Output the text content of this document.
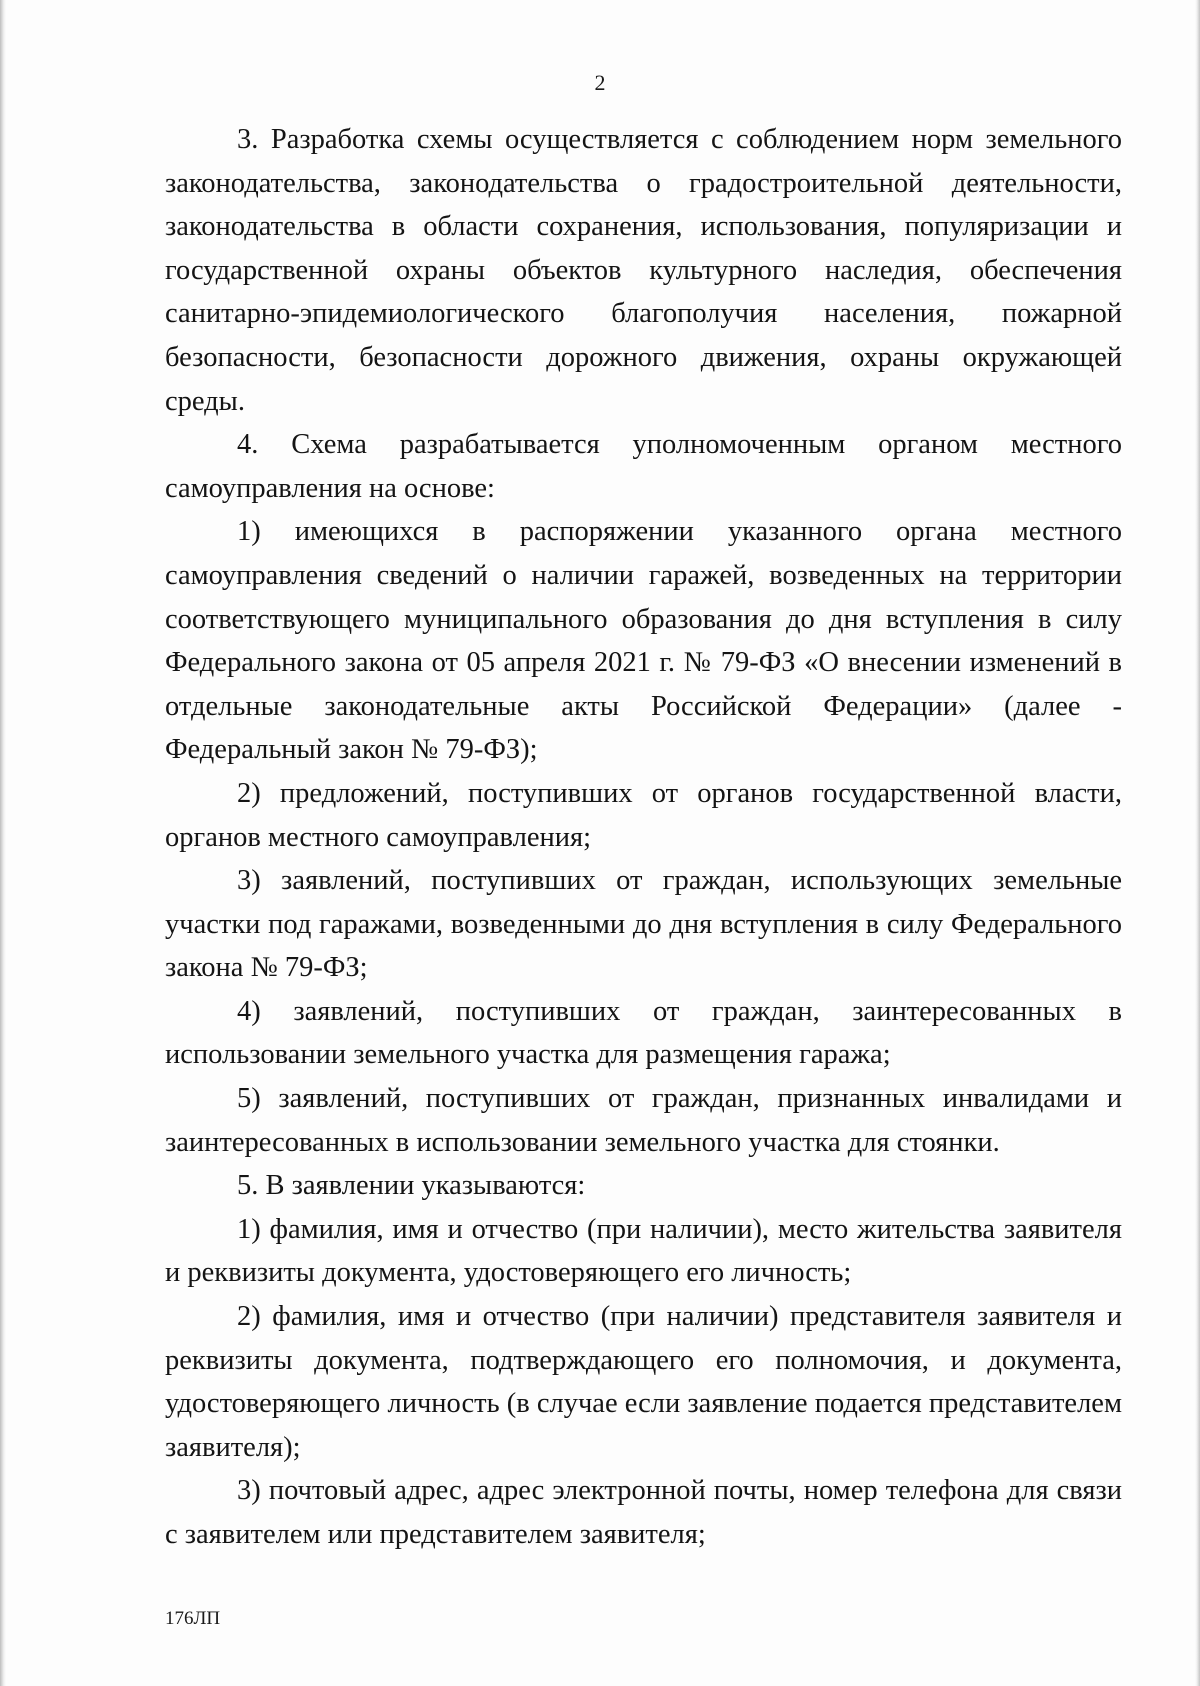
2

3. Разработка схемы осуществляется с соблюдением норм земельного законодательства, законодательства о градостроительной деятельности, законодательства в области сохранения, использования, популяризации и государственной охраны объектов культурного наследия, обеспечения санитарно-эпидемиологического благополучия населения, пожарной безопасности, безопасности дорожного движения, охраны окружающей среды.

4. Схема разрабатывается уполномоченным органом местного самоуправления на основе:

1) имеющихся в распоряжении указанного органа местного самоуправления сведений о наличии гаражей, возведенных на территории соответствующего муниципального образования до дня вступления в силу Федерального закона от 05 апреля 2021 г. № 79-ФЗ «О внесении изменений в отдельные законодательные акты Российской Федерации» (далее - Федеральный закон № 79-ФЗ);

2) предложений, поступивших от органов государственной власти, органов местного самоуправления;

3) заявлений, поступивших от граждан, использующих земельные участки под гаражами, возведенными до дня вступления в силу Федерального закона № 79-ФЗ;

4) заявлений, поступивших от граждан, заинтересованных в использовании земельного участка для размещения гаража;

5) заявлений, поступивших от граждан, признанных инвалидами и заинтересованных в использовании земельного участка для стоянки.

5. В заявлении указываются:

1) фамилия, имя и отчество (при наличии), место жительства заявителя и реквизиты документа, удостоверяющего его личность;

2) фамилия, имя и отчество (при наличии) представителя заявителя и реквизиты документа, подтверждающего его полномочия, и документа, удостоверяющего личность (в случае если заявление подается представителем заявителя);

3) почтовый адрес, адрес электронной почты, номер телефона для связи с заявителем или представителем заявителя;

176ЛП
